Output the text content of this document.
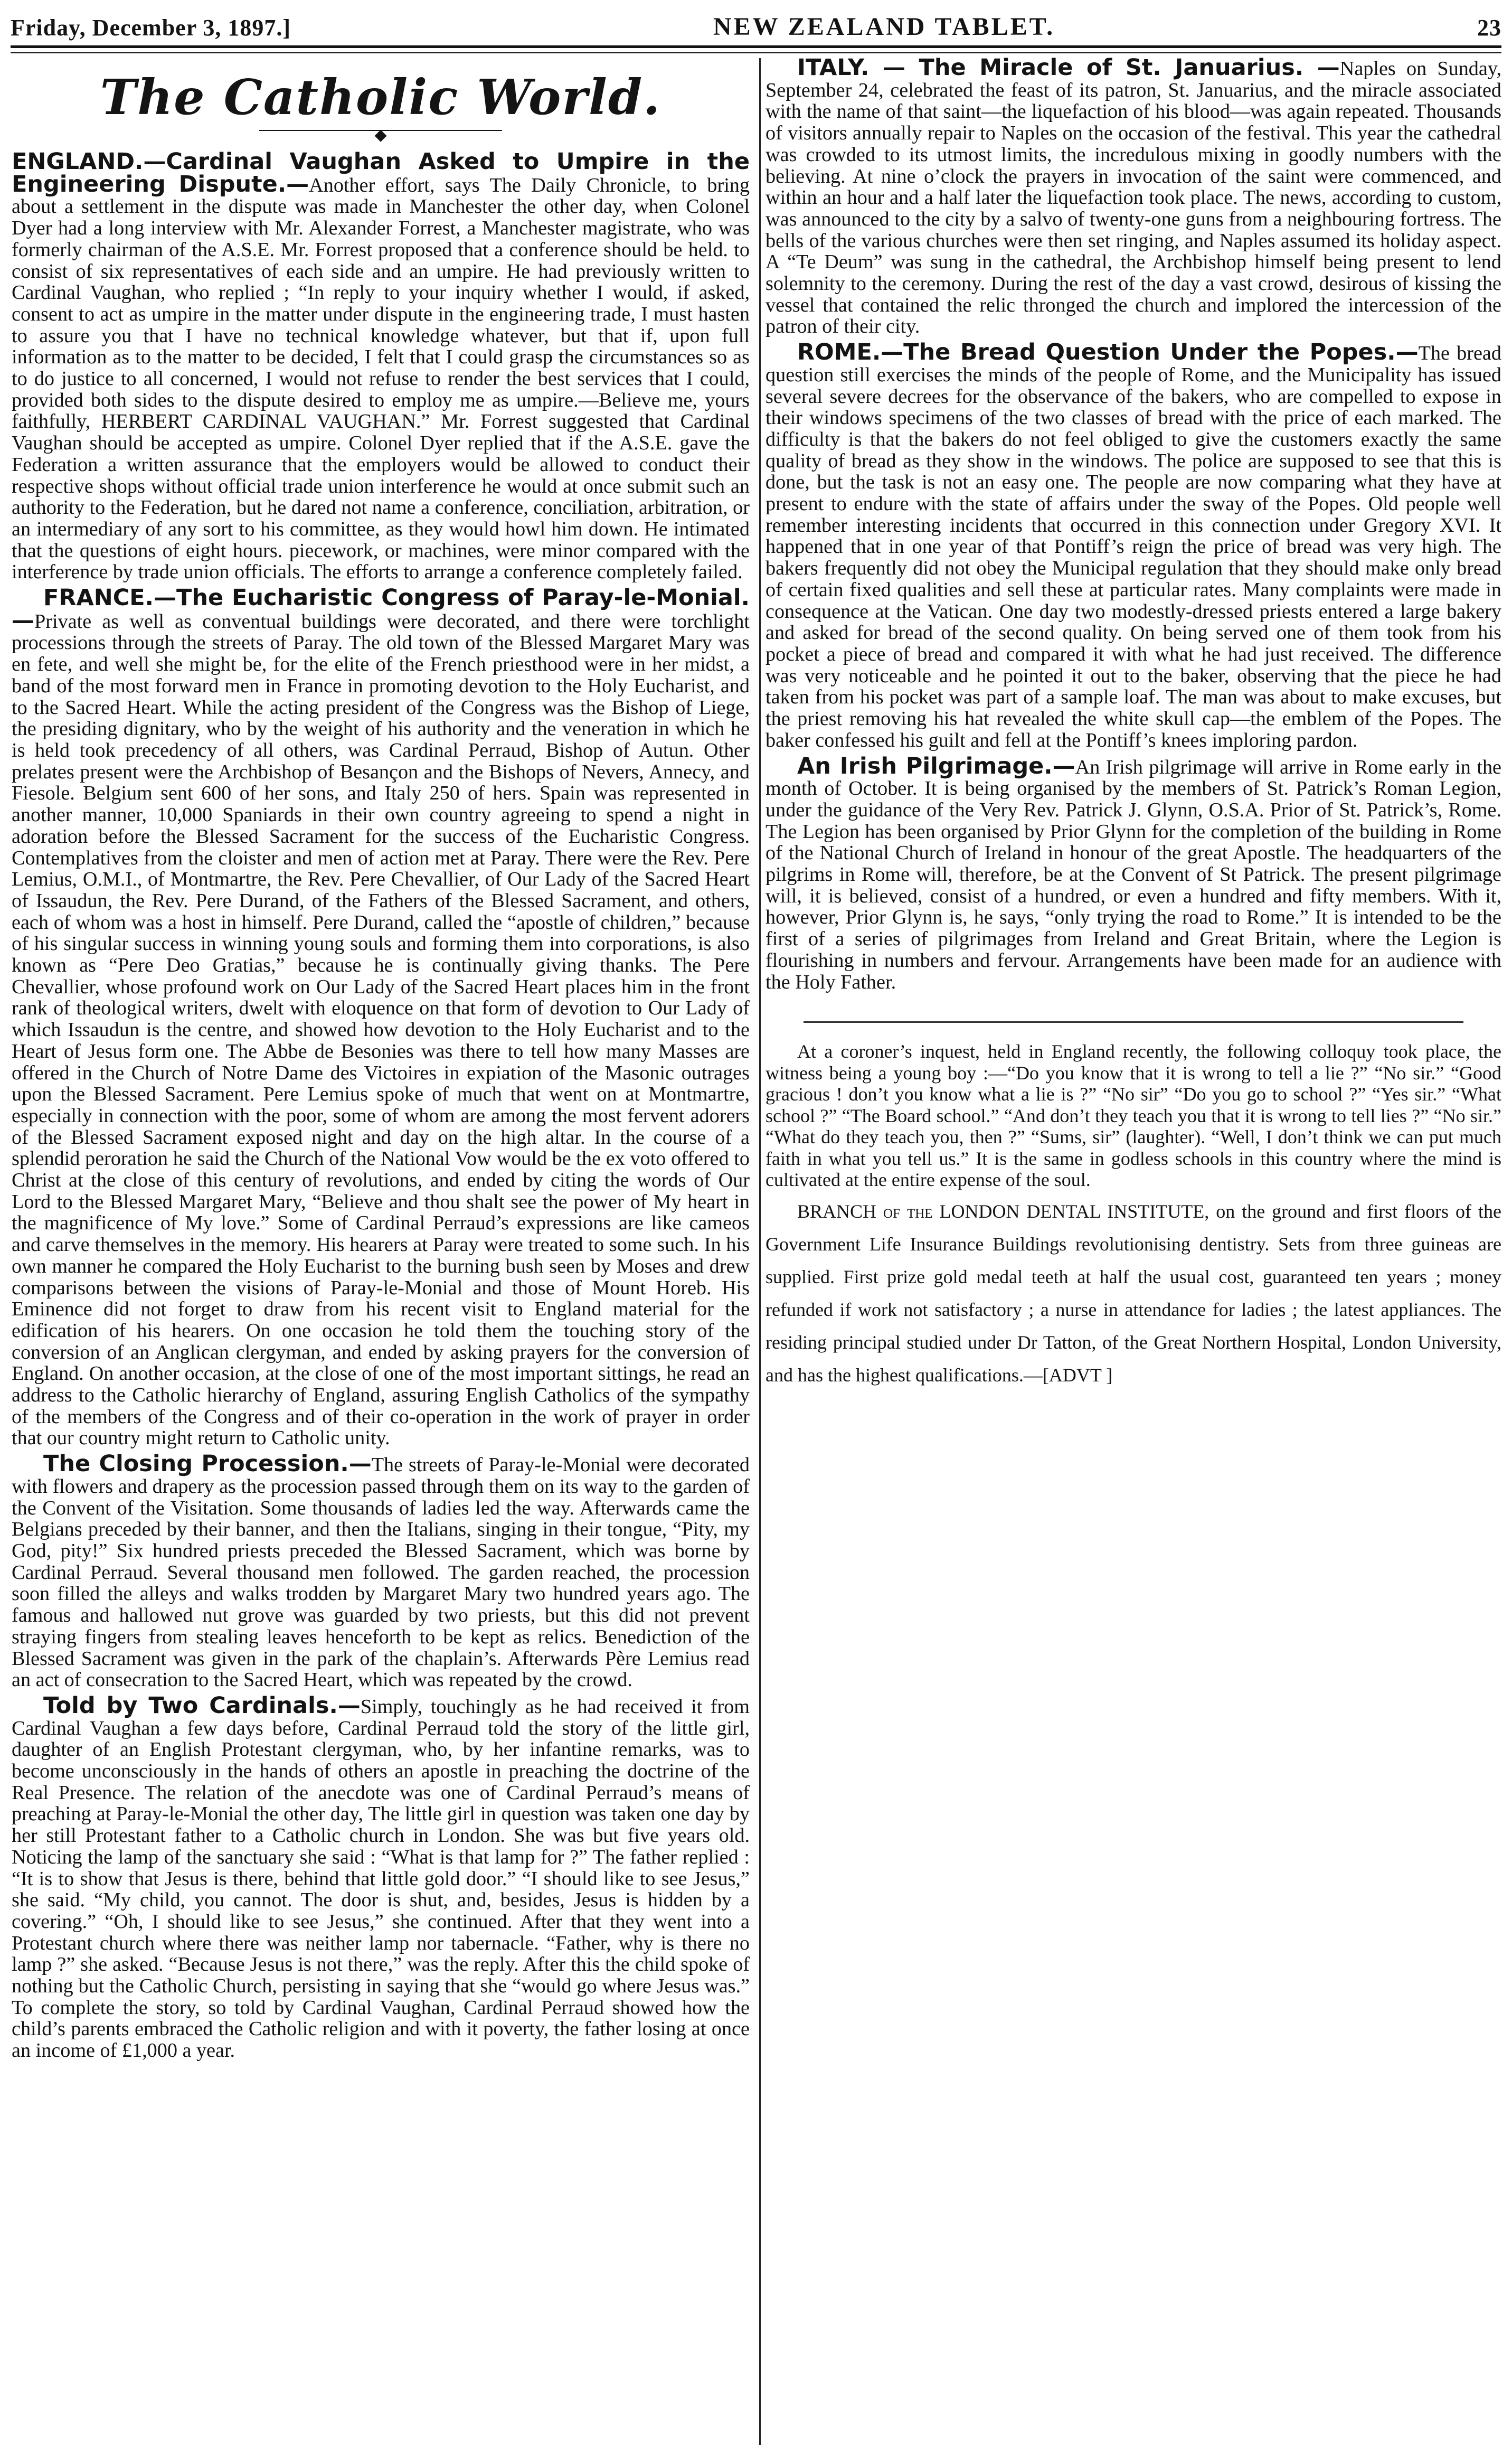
Friday, December 3, 1897.]	NEW ZEALAND TABLET.	23
The Catholic World.
◆

ENGLAND.—Cardinal Vaughan Asked to Umpire in the Engineering Dispute.—Another effort, says The Daily Chronicle, to bring about a settlement in the dispute was made in Manchester the other day, when Colonel Dyer had a long interview with Mr. Alexander Forrest, a Manchester magistrate, who was formerly chairman of the A.S.E. Mr. Forrest proposed that a conference should be held. to consist of six representatives of each side and an umpire. He had previously written to Cardinal Vaughan, who replied ; “In reply to your inquiry whether I would, if asked, consent to act as umpire in the matter under dispute in the engineering trade, I must hasten to assure you that I have no technical knowledge whatever, but that if, upon full information as to the matter to be decided, I felt that I could grasp the circumstances so as to do justice to all concerned, I would not refuse to render the best services that I could, provided both sides to the dispute desired to employ me as umpire.—Believe me, yours faithfully, HERBERT CARDINAL VAUGHAN.” Mr. Forrest suggested that Cardinal Vaughan should be accepted as umpire. Colonel Dyer replied that if the A.S.E. gave the Federation a written assurance that the employers would be allowed to conduct their respective shops without official trade union interference he would at once submit such an authority to the Federation, but he dared not name a conference, conciliation, arbitration, or an intermediary of any sort to his committee, as they would howl him down. He intimated that the questions of eight hours. piecework, or machines, were minor compared with the interference by trade union officials. The efforts to arrange a conference completely failed.

FRANCE.—The Eucharistic Congress of Paray-le-Monial.—Private as well as conventual buildings were decorated, and there were torchlight processions through the streets of Paray. The old town of the Blessed Margaret Mary was en fete, and well she might be, for the elite of the French priesthood were in her midst, a band of the most forward men in France in promoting devotion to the Holy Eucharist, and to the Sacred Heart. While the acting president of the Congress was the Bishop of Liege, the presiding dignitary, who by the weight of his authority and the veneration in which he is held took precedency of all others, was Cardinal Perraud, Bishop of Autun. Other prelates present were the Archbishop of Besançon and the Bishops of Nevers, Annecy, and Fiesole. Belgium sent 600 of her sons, and Italy 250 of hers. Spain was represented in another manner, 10,000 Spaniards in their own country agreeing to spend a night in adoration before the Blessed Sacrament for the success of the Eucharistic Congress. Contemplatives from the cloister and men of action met at Paray. There were the Rev. Pere Lemius, O.M.I., of Montmartre, the Rev. Pere Chevallier, of Our Lady of the Sacred Heart of Issaudun, the Rev. Pere Durand, of the Fathers of the Blessed Sacrament, and others, each of whom was a host in himself. Pere Durand, called the “apostle of children,” because of his singular success in winning young souls and forming them into corporations, is also known as “Pere Deo Gratias,” because he is continually giving thanks. The Pere Chevallier, whose profound work on Our Lady of the Sacred Heart places him in the front rank of theological writers, dwelt with eloquence on that form of devotion to Our Lady of which Issaudun is the centre, and showed how devotion to the Holy Eucharist and to the Heart of Jesus form one. The Abbe de Besonies was there to tell how many Masses are offered in the Church of Notre Dame des Victoires in expiation of the Masonic outrages upon the Blessed Sacrament. Pere Lemius spoke of much that went on at Montmartre, especially in connection with the poor, some of whom are among the most fervent adorers of the Blessed Sacrament exposed night and day on the high altar. In the course of a splendid peroration he said the Church of the National Vow would be the ex voto offered to Christ at the close of this century of revolutions, and ended by citing the words of Our Lord to the Blessed Margaret Mary, “Believe and thou shalt see the power of My heart in the magnificence of My love.” Some of Cardinal Perraud’s expressions are like cameos and carve themselves in the memory. His hearers at Paray were treated to some such. In his own manner he compared the Holy Eucharist to the burning bush seen by Moses and drew comparisons between the visions of Paray-le-Monial and those of Mount Horeb. His Eminence did not forget to draw from his recent visit to England material for the edification of his hearers. On one occasion he told them the touching story of the conversion of an Anglican clergyman, and ended by asking prayers for the conversion of England. On another occasion, at the close of one of the most important sittings, he read an address to the Catholic hierarchy of England, assuring English Catholics of the sympathy of the members of the Congress and of their co-operation in the work of prayer in order that our country might return to Catholic unity.

The Closing Procession.—The streets of Paray-le-Monial were decorated with flowers and drapery as the procession passed through them on its way to the garden of the Convent of the Visitation. Some thousands of ladies led the way. Afterwards came the Belgians preceded by their banner, and then the Italians, singing in their tongue, “Pity, my God, pity!” Six hundred priests preceded the Blessed Sacrament, which was borne by Cardinal Perraud. Several thousand men followed. The garden reached, the procession soon filled the alleys and walks trodden by Margaret Mary two hundred years ago. The famous and hallowed nut grove was guarded by two priests, but this did not prevent straying fingers from stealing leaves henceforth to be kept as relics. Benediction of the Blessed Sacrament was given in the park of the chaplain’s. Afterwards Père Lemius read an act of consecration to the Sacred Heart, which was repeated by the crowd.

Told by Two Cardinals.—Simply, touchingly as he had received it from Cardinal Vaughan a few days before, Cardinal Perraud told the story of the little girl, daughter of an English Protestant clergyman, who, by her infantine remarks, was to become unconsciously in the hands of others an apostle in preaching the doctrine of the Real Presence. The relation of the anecdote was one of Cardinal Perraud’s means of preaching at Paray-le-Monial the other day, The little girl in question was taken one day by her still Protestant father to a Catholic church in London. She was but five years old. Noticing the lamp of the sanctuary she said : “What is that lamp for ?” The father replied : “It is to show that Jesus is there, behind that little gold door.” “I should like to see Jesus,” she said. “My child, you cannot. The door is shut, and, besides, Jesus is hidden by a covering.” “Oh, I should like to see Jesus,” she continued. After that they went into a Protestant church where there was neither lamp nor tabernacle. “Father, why is there no lamp ?” she asked. “Because Jesus is not there,” was the reply. After this the child spoke of nothing but the Catholic Church, persisting in saying that she “would go where Jesus was.” To complete the story, so told by Cardinal Vaughan, Cardinal Perraud showed how the child’s parents embraced the Catholic religion and with it poverty, the father losing at once an income of £1,000 a year.

ITALY. — The Miracle of St. Januarius. —Naples on Sunday, September 24, celebrated the feast of its patron, St. Januarius, and the miracle associated with the name of that saint—the liquefaction of his blood—was again repeated. Thousands of visitors annually repair to Naples on the occasion of the festival. This year the cathedral was crowded to its utmost limits, the incredulous mixing in goodly numbers with the believing. At nine o’clock the prayers in invocation of the saint were commenced, and within an hour and a half later the liquefaction took place. The news, according to custom, was announced to the city by a salvo of twenty-one guns from a neighbouring fortress. The bells of the various churches were then set ringing, and Naples assumed its holiday aspect. A “Te Deum” was sung in the cathedral, the Archbishop himself being present to lend solemnity to the ceremony. During the rest of the day a vast crowd, desirous of kissing the vessel that contained the relic thronged the church and implored the intercession of the patron of their city.

ROME.—The Bread Question Under the Popes.—The bread question still exercises the minds of the people of Rome, and the Municipality has issued several severe decrees for the observance of the bakers, who are compelled to expose in their windows specimens of the two classes of bread with the price of each marked. The difficulty is that the bakers do not feel obliged to give the customers exactly the same quality of bread as they show in the windows. The police are supposed to see that this is done, but the task is not an easy one. The people are now comparing what they have at present to endure with the state of affairs under the sway of the Popes. Old people well remember interesting incidents that occurred in this connection under Gregory XVI. It happened that in one year of that Pontiff’s reign the price of bread was very high. The bakers frequently did not obey the Municipal regulation that they should make only bread of certain fixed qualities and sell these at particular rates. Many complaints were made in consequence at the Vatican. One day two modestly-dressed priests entered a large bakery and asked for bread of the second quality. On being served one of them took from his pocket a piece of bread and compared it with what he had just received. The difference was very noticeable and he pointed it out to the baker, observing that the piece he had taken from his pocket was part of a sample loaf. The man was about to make excuses, but the priest removing his hat revealed the white skull cap—the emblem of the Popes. The baker confessed his guilt and fell at the Pontiff’s knees imploring pardon.

An Irish Pilgrimage.—An Irish pilgrimage will arrive in Rome early in the month of October. It is being organised by the members of St. Patrick’s Roman Legion, under the guidance of the Very Rev. Patrick J. Glynn, O.S.A. Prior of St. Patrick’s, Rome. The Legion has been organised by Prior Glynn for the completion of the building in Rome of the National Church of Ireland in honour of the great Apostle. The headquarters of the pilgrims in Rome will, therefore, be at the Convent of St Patrick. The present pilgrimage will, it is believed, consist of a hundred, or even a hundred and fifty members. With it, however, Prior Glynn is, he says, “only trying the road to Rome.” It is intended to be the first of a series of pilgrimages from Ireland and Great Britain, where the Legion is flourishing in numbers and fervour. Arrangements have been made for an audience with the Holy Father.

At a coroner’s inquest, held in England recently, the following colloquy took place, the witness being a young boy :—“Do you know that it is wrong to tell a lie ?” “No sir.” “Good gracious ! don’t you know what a lie is ?” “No sir” “Do you go to school ?” “Yes sir.” “What school ?” “The Board school.” “And don’t they teach you that it is wrong to tell lies ?” “No sir.” “What do they teach you, then ?” “Sums, sir” (laughter). “Well, I don’t think we can put much faith in what you tell us.” It is the same in godless schools in this country where the mind is cultivated at the entire expense of the soul.

BRANCH of the LONDON DENTAL INSTITUTE, on the ground and first floors of the Government Life Insurance Buildings revolutionising dentistry. Sets from three guineas are supplied. First prize gold medal teeth at half the usual cost, guaranteed ten years ; money refunded if work not satisfactory ; a nurse in attendance for ladies ; the latest appliances. The residing principal studied under Dr Tatton, of the Great Northern Hospital, London University, and has the highest qualifications.—[ADVT ]
